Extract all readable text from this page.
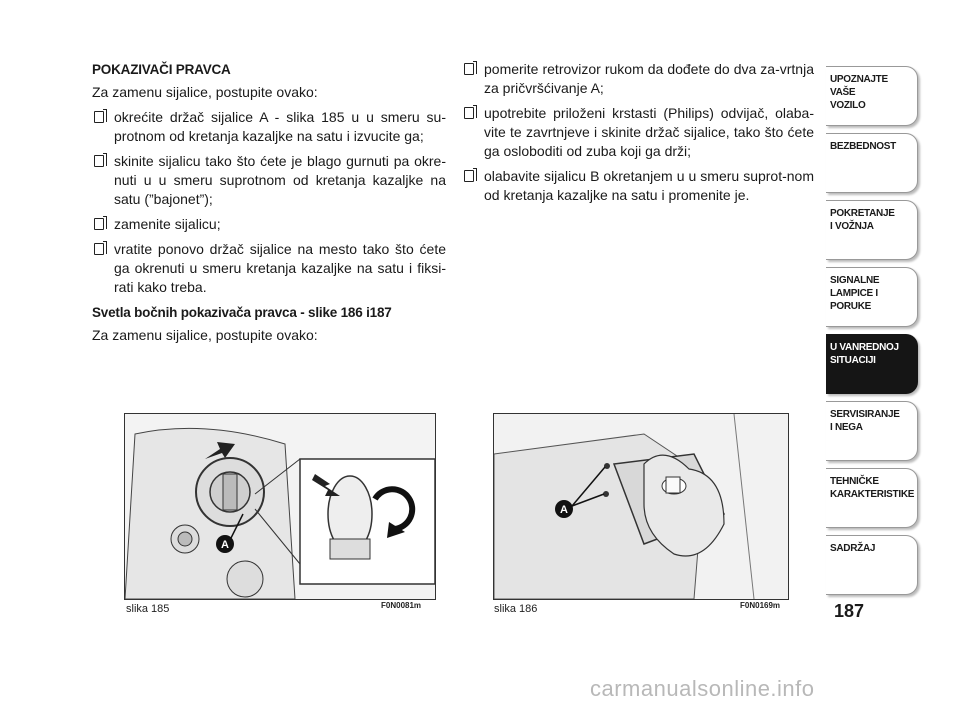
POKAZIVAČI PRAVCA
Za zamenu sijalice, postupite ovako:
okrećite držač sijalice A - slika 185 u u smeru su-protnom od kretanja kazaljke na satu i izvucite ga;
skinite sijalicu tako što ćete je blago gurnuti pa okre-nuti u u smeru suprotnom od kretanja kazaljke na satu (”bajonet”);
zamenite sijalicu;
vratite ponovo držač sijalice na mesto tako što ćete ga okrenuti u smeru kretanja kazaljke na satu i fiksi-rati kako treba.
Svetla bočnih pokazivača pravca - slike 186 i187
Za zamenu sijalice, postupite ovako:
pomerite retrovizor rukom da dođete do dva za-vrtnja za pričvršćivanje A;
upotrebite priloženi krstasti (Philips) odvijač, olaba-vite te zavrtnjeve i skinite držač sijalice, tako što ćete ga osloboditi od zuba koji ga drži;
olabavite sijalicu B okretanjem u u smeru suprot-nom od kretanja kazaljke na satu i promenite je.
A
slika 185	F0N0081m
A
slika 186	F0N0169m
UPOZNAJTE
VAŠE
VOZILO
BEZBEDNOST
POKRETANJE
I VOŽNJA
SIGNALNE
LAMPICE I PORUKE
U VANREDNOJ
SITUACIJI
SERVISIRANJE
I NEGA
TEHNIČKE
KARAKTERISTIKE
SADRŽAJ
187
carmanualsonline.info
